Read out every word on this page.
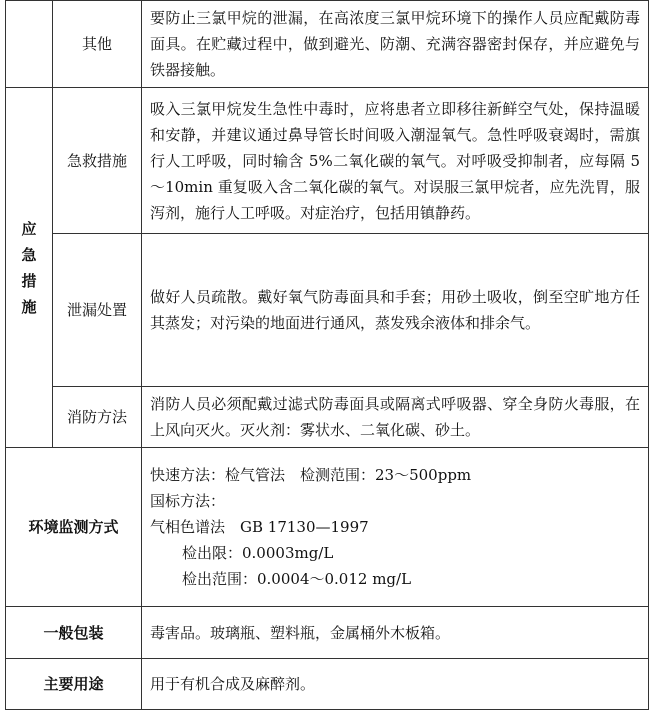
	其他	要防止三氯甲烷的泄漏，在高浓度三氯甲烷环境下的操作人员应配戴防毒面具。在贮藏过程中，做到避光、防潮、充满容器密封保存，并应避免与铁器接触。

应
急
措
施	急救措施	吸入三氯甲烷发生急性中毒时，应将患者立即移往新鲜空气处，保持温暖和安静，并建议通过鼻导管长时间吸入潮湿氧气。急性呼吸衰竭时，需旗行人工呼吸，同时输含 5%二氧化碳的氧气。对呼吸受抑制者，应每隔 5～10min 重复吸入含二氧化碳的氧气。对误服三氯甲烷者，应先洗胃，服泻剂，施行人工呼吸。对症治疗，包括用镇静药。

	泄漏处置	做好人员疏散。戴好氧气防毒面具和手套；用砂土吸收，倒至空旷地方任其蒸发；对污染的地面进行通风，蒸发残余液体和排余气。

	消防方法	消防人员必须配戴过滤式防毒面具或隔离式呼吸器、穿全身防火毒服，在上风向灭火。灭火剂：雾状水、二氧化碳、砂土。

环境监测方式		快速方法：检气管法　检测范围：23～500ppm

国标方法：

气相色谱法　GB 17130—1997

检出限：0.0003mg/L

检出范围：0.0004～0.012 mg/L

一般包装		毒害品。玻璃瓶、塑料瓶，金属桶外木板箱。

主要用途		用于有机合成及麻醉剂。
